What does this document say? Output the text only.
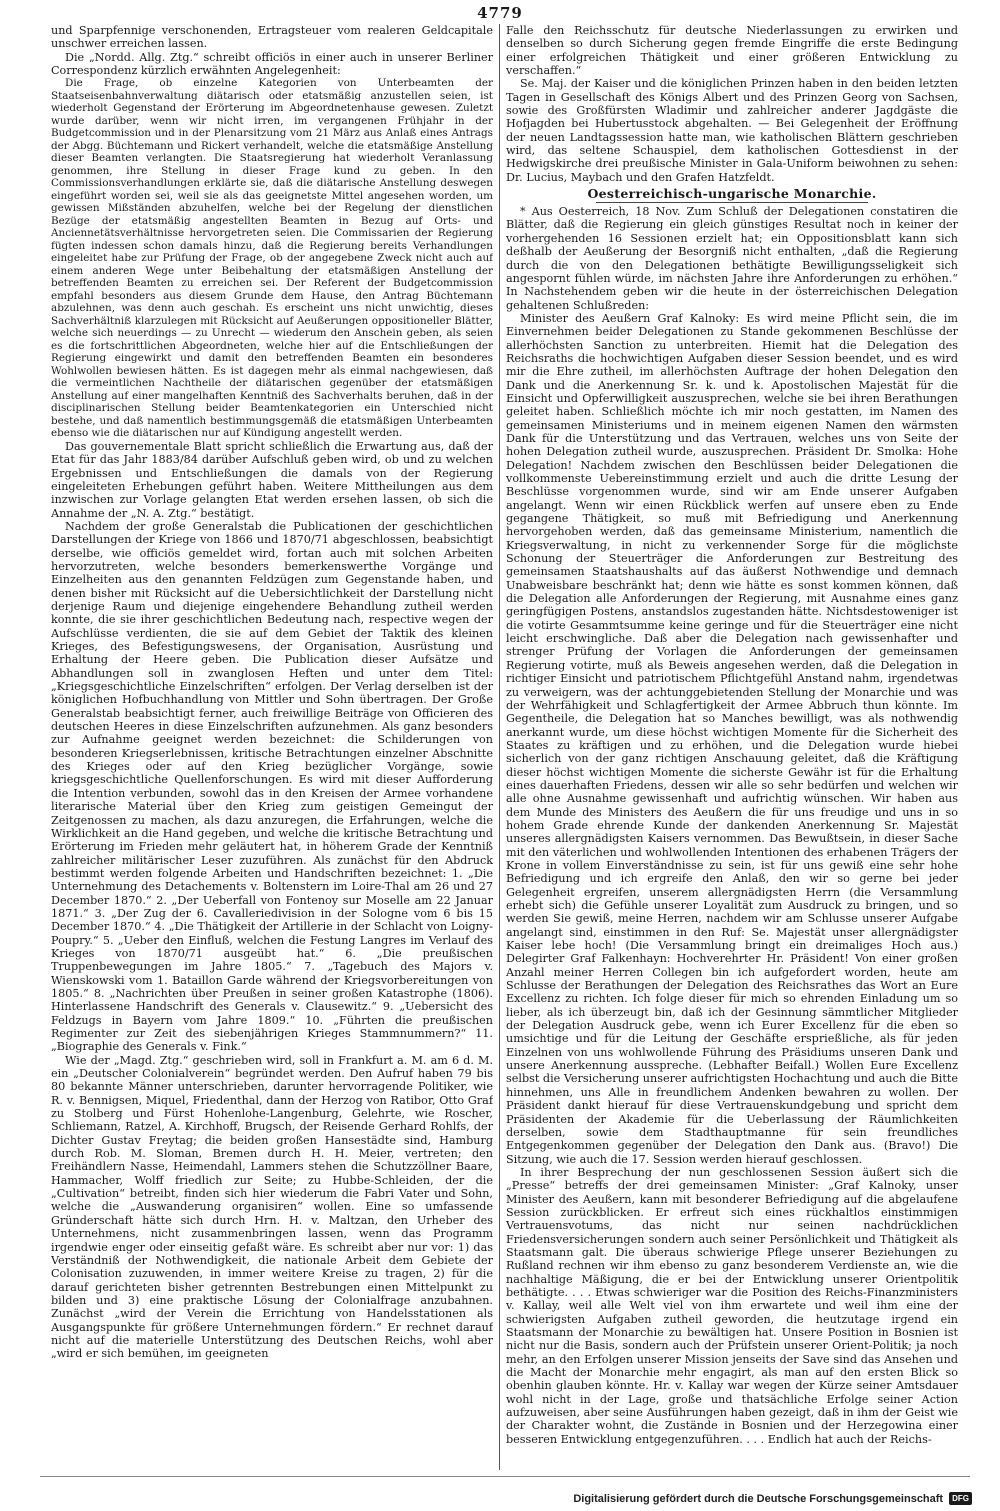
4779

und Sparpfennige verschonenden, Ertragsteuer vom realeren Geldcapitale unschwer erreichen lassen.

Die „Nordd. Allg. Ztg.“ schreibt officiös in einer auch in unserer Berliner Correspondenz kürzlich erwähnten Angelegenheit:

Die Frage, ob einzelne Kategorien von Unterbeamten der Staatseisenbahnverwaltung diätarisch oder etatsmäßig anzustellen seien, ist wiederholt Gegenstand der Erörterung im Abgeordnetenhause gewesen. Zuletzt wurde darüber, wenn wir nicht irren, im vergangenen Frühjahr in der Budgetcommission und in der Plenarsitzung vom 21 März aus Anlaß eines Antrags der Abgg. Büchtemann und Rickert verhandelt, welche die etatsmäßige Anstellung dieser Beamten verlangten. Die Staatsregierung hat wiederholt Veranlassung genommen, ihre Stellung in dieser Frage kund zu geben. In den Commissionsverhandlungen erklärte sie, daß die diätarische Anstellung deswegen eingeführt worden sei, weil sie als das geeignetste Mittel angesehen worden, um gewissen Mißständen abzuhelfen, welche bei der Regelung der dienstlichen Bezüge der etatsmäßig angestellten Beamten in Bezug auf Orts- und Anciennetätsverhältnisse hervorgetreten seien. Die Commissarien der Regierung fügten indessen schon damals hinzu, daß die Regierung bereits Verhandlungen eingeleitet habe zur Prüfung der Frage, ob der angegebene Zweck nicht auch auf einem anderen Wege unter Beibehaltung der etatsmäßigen Anstellung der betreffenden Beamten zu erreichen sei. Der Referent der Budgetcommission empfahl besonders aus diesem Grunde dem Hause, den Antrag Büchtemann abzulehnen, was denn auch geschah. Es erscheint uns nicht unwichtig, dieses Sachverhältniß klarzulegen mit Rücksicht auf Aeußerungen oppositioneller Blätter, welche sich neuerdings — zu Unrecht — wiederum den Anschein geben, als seien es die fortschrittlichen Abgeordneten, welche hier auf die Entschließungen der Regierung eingewirkt und damit den betreffenden Beamten ein besonderes Wohlwollen bewiesen hätten. Es ist dagegen mehr als einmal nachgewiesen, daß die vermeintlichen Nachtheile der diätarischen gegenüber der etatsmäßigen Anstellung auf einer mangelhaften Kenntniß des Sachverhalts beruhen, daß in der disciplinarischen Stellung beider Beamtenkategorien ein Unterschied nicht bestehe, und daß namentlich bestimmungsgemäß die etatsmäßigen Unterbeamten ebenso wie die diätarischen nur auf Kündigung angestellt werden.

Das gouvernementale Blatt spricht schließlich die Erwartung aus, daß der Etat für das Jahr 1883/84 darüber Aufschluß geben wird, ob und zu welchen Ergebnissen und Entschließungen die damals von der Regierung eingeleiteten Erhebungen geführt haben. Weitere Mittheilungen aus dem inzwischen zur Vorlage gelangten Etat werden ersehen lassen, ob sich die Annahme der „N. A. Ztg.“ bestätigt.

Nachdem der große Generalstab die Publicationen der geschichtlichen Darstellungen der Kriege von 1866 und 1870/71 abgeschlossen, beabsichtigt derselbe, wie officiös gemeldet wird, fortan auch mit solchen Arbeiten hervorzutreten, welche besonders bemerkenswerthe Vorgänge und Einzelheiten aus den genannten Feldzügen zum Gegenstande haben, und denen bisher mit Rücksicht auf die Uebersichtlichkeit der Darstellung nicht derjenige Raum und diejenige eingehendere Behandlung zutheil werden konnte, die sie ihrer geschichtlichen Bedeutung nach, respective wegen der Aufschlüsse verdienten, die sie auf dem Gebiet der Taktik des kleinen Krieges, des Befestigungswesens, der Organisation, Ausrüstung und Erhaltung der Heere geben. Die Publication dieser Aufsätze und Abhandlungen soll in zwanglosen Heften und unter dem Titel: „Kriegsgeschichtliche Einzelschriften“ erfolgen. Der Verlag derselben ist der königlichen Hofbuchhandlung von Mittler und Sohn übertragen. Der Große Generalstab beabsichtigt ferner, auch freiwillige Beiträge von Officieren des deutschen Heeres in diese Einzelschriften aufzunehmen. Als ganz besonders zur Aufnahme geeignet werden bezeichnet: die Schilderungen von besonderen Kriegserlebnissen, kritische Betrachtungen einzelner Abschnitte des Krieges oder auf den Krieg bezüglicher Vorgänge, sowie kriegsgeschichtliche Quellenforschungen. Es wird mit dieser Aufforderung die Intention verbunden, sowohl das in den Kreisen der Armee vorhandene literarische Material über den Krieg zum geistigen Gemeingut der Zeitgenossen zu machen, als dazu anzuregen, die Erfahrungen, welche die Wirklichkeit an die Hand gegeben, und welche die kritische Betrachtung und Erörterung im Frieden mehr geläutert hat, in höherem Grade der Kenntniß zahlreicher militärischer Leser zuzuführen. Als zunächst für den Abdruck bestimmt werden folgende Arbeiten und Handschriften bezeichnet: 1. „Die Unternehmung des Detachements v. Boltenstern im Loire-Thal am 26 und 27 December 1870.“ 2. „Der Ueberfall von Fontenoy sur Moselle am 22 Januar 1871.“ 3. „Der Zug der 6. Cavalleriedivision in der Sologne vom 6 bis 15 December 1870.“ 4. „Die Thätigkeit der Artillerie in der Schlacht von Loigny-Poupry.“ 5. „Ueber den Einfluß, welchen die Festung Langres im Verlauf des Krieges von 1870/71 ausgeübt hat.“ 6. „Die preußischen Truppenbewegungen im Jahre 1805.“ 7. „Tagebuch des Majors v. Wienskowski vom 1. Bataillon Garde während der Kriegsvorbereitungen von 1805.“ 8. „Nachrichten über Preußen in seiner großen Katastrophe (1806). Hinterlassene Handschrift des Generals v. Clausewitz.“ 9. „Uebersicht des Feldzugs in Bayern vom Jahre 1809.“ 10. „Führten die preußischen Regimenter zur Zeit des siebenjährigen Krieges Stammnummern?“ 11. „Biographie des Generals v. Fink.“

Wie der „Magd. Ztg.“ geschrieben wird, soll in Frankfurt a. M. am 6 d. M. ein „Deutscher Colonialverein“ begründet werden. Den Aufruf haben 79 bis 80 bekannte Männer unterschrieben, darunter hervorragende Politiker, wie R. v. Bennigsen, Miquel, Friedenthal, dann der Herzog von Ratibor, Otto Graf zu Stolberg und Fürst Hohenlohe-Langenburg, Gelehrte, wie Roscher, Schliemann, Ratzel, A. Kirchhoff, Brugsch, der Reisende Gerhard Rohlfs, der Dichter Gustav Freytag; die beiden großen Hansestädte sind, Hamburg durch Rob. M. Sloman, Bremen durch H. H. Meier, vertreten; den Freihändlern Nasse, Heimendahl, Lammers stehen die Schutzzöllner Baare, Hammacher, Wolff friedlich zur Seite; zu Hubbe-Schleiden, der die „Cultivation“ betreibt, finden sich hier wiederum die Fabri Vater und Sohn, welche die „Auswanderung organisiren“ wollen. Eine so umfassende Gründerschaft hätte sich durch Hrn. H. v. Maltzan, den Urheber des Unternehmens, nicht zusammenbringen lassen, wenn das Programm irgendwie enger oder einseitig gefaßt wäre. Es schreibt aber nur vor: 1) das Verständniß der Nothwendigkeit, die nationale Arbeit dem Gebiete der Colonisation zuzuwenden, in immer weitere Kreise zu tragen, 2) für die darauf gerichteten bisher getrennten Bestrebungen einen Mittelpunkt zu bilden und 3) eine praktische Lösung der Colonialfrage anzubahnen. Zunächst „wird der Verein die Errichtung von Handelsstationen als Ausgangspunkte für größere Unternehmungen fördern.“ Er rechnet darauf nicht auf die materielle Unterstützung des Deutschen Reichs, wohl aber „wird er sich bemühen, im geeigneten

Falle den Reichsschutz für deutsche Niederlassungen zu erwirken und denselben so durch Sicherung gegen fremde Eingriffe die erste Bedingung einer erfolgreichen Thätigkeit und einer größeren Entwicklung zu verschaffen.“

Se. Maj. der Kaiser und die königlichen Prinzen haben in den beiden letzten Tagen in Gesellschaft des Königs Albert und des Prinzen Georg von Sachsen, sowie des Großfürsten Wladimir und zahlreicher anderer Jagdgäste die Hofjagden bei Hubertusstock abgehalten. — Bei Gelegenheit der Eröffnung der neuen Landtagssession hatte man, wie katholischen Blättern geschrieben wird, das seltene Schauspiel, dem katholischen Gottesdienst in der Hedwigskirche drei preußische Minister in Gala-Uniform beiwohnen zu sehen: Dr. Lucius, Maybach und den Grafen Hatzfeldt.

Oesterreichisch-ungarische Monarchie.

* Aus Oesterreich, 18 Nov. Zum Schluß der Delegationen constatiren die Blätter, daß die Regierung ein gleich günstiges Resultat noch in keiner der vorhergehenden 16 Sessionen erzielt hat; ein Oppositionsblatt kann sich deßhalb der Aeußerung der Besorgniß nicht enthalten, „daß die Regierung durch die von den Delegationen bethätigte Bewilligungsseligkeit sich angespornt fühlen würde, im nächsten Jahre ihre Anforderungen zu erhöhen.“ In Nachstehendem geben wir die heute in der österreichischen Delegation gehaltenen Schlußreden:

Minister des Aeußern Graf Kalnoky: Es wird meine Pflicht sein, die im Einvernehmen beider Delegationen zu Stande gekommenen Beschlüsse der allerhöchsten Sanction zu unterbreiten. Hiemit hat die Delegation des Reichsraths die hochwichtigen Aufgaben dieser Session beendet, und es wird mir die Ehre zutheil, im allerhöchsten Auftrage der hohen Delegation den Dank und die Anerkennung Sr. k. und k. Apostolischen Majestät für die Einsicht und Opferwilligkeit auszusprechen, welche sie bei ihren Berathungen geleitet haben. Schließlich möchte ich mir noch gestatten, im Namen des gemeinsamen Ministeriums und in meinem eigenen Namen den wärmsten Dank für die Unterstützung und das Vertrauen, welches uns von Seite der hohen Delegation zutheil wurde, auszusprechen. Präsident Dr. Smolka: Hohe Delegation! Nachdem zwischen den Beschlüssen beider Delegationen die vollkommenste Uebereinstimmung erzielt und auch die dritte Lesung der Beschlüsse vorgenommen wurde, sind wir am Ende unserer Aufgaben angelangt. Wenn wir einen Rückblick werfen auf unsere eben zu Ende gegangene Thätigkeit, so muß mit Befriedigung und Anerkennung hervorgehoben werden, daß das gemeinsame Ministerium, namentlich die Kriegsverwaltung, in nicht zu verkennender Sorge für die möglichste Schonung der Steuerträger die Anforderungen zur Bestreitung des gemeinsamen Staatshaushalts auf das äußerst Nothwendige und demnach Unabweisbare beschränkt hat; denn wie hätte es sonst kommen können, daß die Delegation alle Anforderungen der Regierung, mit Ausnahme eines ganz geringfügigen Postens, anstandslos zugestanden hätte. Nichtsdestoweniger ist die votirte Gesammtsumme keine geringe und für die Steuerträger eine nicht leicht erschwingliche. Daß aber die Delegation nach gewissenhafter und strenger Prüfung der Vorlagen die Anforderungen der gemeinsamen Regierung votirte, muß als Beweis angesehen werden, daß die Delegation in richtiger Einsicht und patriotischem Pflichtgefühl Anstand nahm, irgendetwas zu verweigern, was der achtunggebietenden Stellung der Monarchie und was der Wehrfähigkeit und Schlagfertigkeit der Armee Abbruch thun könnte. Im Gegentheile, die Delegation hat so Manches bewilligt, was als nothwendig anerkannt wurde, um diese höchst wichtigen Momente für die Sicherheit des Staates zu kräftigen und zu erhöhen, und die Delegation wurde hiebei sicherlich von der ganz richtigen Anschauung geleitet, daß die Kräftigung dieser höchst wichtigen Momente die sicherste Gewähr ist für die Erhaltung eines dauerhaften Friedens, dessen wir alle so sehr bedürfen und welchen wir alle ohne Ausnahme gewissenhaft und aufrichtig wünschen. Wir haben aus dem Munde des Ministers des Aeußern die für uns freudige und uns in so hohem Grade ehrende Kunde der dankenden Anerkennung Sr. Majestät unseres allergnädigsten Kaisers vernommen. Das Bewußtsein, in dieser Sache mit den väterlichen und wohlwollenden Intentionen des erhabenen Trägers der Krone in vollem Einverständnisse zu sein, ist für uns gewiß eine sehr hohe Befriedigung und ich ergreife den Anlaß, den wir so gerne bei jeder Gelegenheit ergreifen, unserem allergnädigsten Herrn (die Versammlung erhebt sich) die Gefühle unserer Loyalität zum Ausdruck zu bringen, und so werden Sie gewiß, meine Herren, nachdem wir am Schlusse unserer Aufgabe angelangt sind, einstimmen in den Ruf: Se. Majestät unser allergnädigster Kaiser lebe hoch! (Die Versammlung bringt ein dreimaliges Hoch aus.) Delegirter Graf Falkenhayn: Hochverehrter Hr. Präsident! Von einer großen Anzahl meiner Herren Collegen bin ich aufgefordert worden, heute am Schlusse der Berathungen der Delegation des Reichsrathes das Wort an Eure Excellenz zu richten. Ich folge dieser für mich so ehrenden Einladung um so lieber, als ich überzeugt bin, daß ich der Gesinnung sämmtlicher Mitglieder der Delegation Ausdruck gebe, wenn ich Eurer Excellenz für die eben so umsichtige und für die Leitung der Geschäfte ersprießliche, als für jeden Einzelnen von uns wohlwollende Führung des Präsidiums unseren Dank und unsere Anerkennung ausspreche. (Lebhafter Beifall.) Wollen Eure Excellenz selbst die Versicherung unserer aufrichtigsten Hochachtung und auch die Bitte hinnehmen, uns Alle in freundlichem Andenken bewahren zu wollen. Der Präsident dankt hierauf für diese Vertrauenskundgebung und spricht dem Präsidenten der Akademie für die Ueberlassung der Räumlichkeiten derselben, sowie dem Stadthauptmanne für sein freundliches Entgegenkommen gegenüber der Delegation den Dank aus. (Bravo!) Die Sitzung, wie auch die 17. Session werden hierauf geschlossen.

In ihrer Besprechung der nun geschlossenen Session äußert sich die „Presse“ betreffs der drei gemeinsamen Minister: „Graf Kalnoky, unser Minister des Aeußern, kann mit besonderer Befriedigung auf die abgelaufene Session zurückblicken. Er erfreut sich eines rückhaltlos einstimmigen Vertrauensvotums, das nicht nur seinen nachdrücklichen Friedensversicherungen sondern auch seiner Persönlichkeit und Thätigkeit als Staatsmann galt. Die überaus schwierige Pflege unserer Beziehungen zu Rußland rechnen wir ihm ebenso zu ganz besonderem Verdienste an, wie die nachhaltige Mäßigung, die er bei der Entwicklung unserer Orientpolitik bethätigte. . . . Etwas schwieriger war die Position des Reichs-Finanzministers v. Kallay, weil alle Welt viel von ihm erwartete und weil ihm eine der schwierigsten Aufgaben zutheil geworden, die heutzutage irgend ein Staatsmann der Monarchie zu bewältigen hat. Unsere Position in Bosnien ist nicht nur die Basis, sondern auch der Prüfstein unserer Orient-Politik; ja noch mehr, an den Erfolgen unserer Mission jenseits der Save sind das Ansehen und die Macht der Monarchie mehr engagirt, als man auf den ersten Blick so obenhin glauben könnte. Hr. v. Kallay war wegen der Kürze seiner Amtsdauer wohl nicht in der Lage, große und thatsächliche Erfolge seiner Action aufzuweisen, aber seine Ausführungen haben gezeigt, daß in ihm der Geist wie der Charakter wohnt, die Zustände in Bosnien und der Herzegowina einer besseren Entwicklung entgegenzuführen. . . . Endlich hat auch der Reichs-

Digitalisierung gefördert durch die Deutsche Forschungsgemeinschaft	DFG
